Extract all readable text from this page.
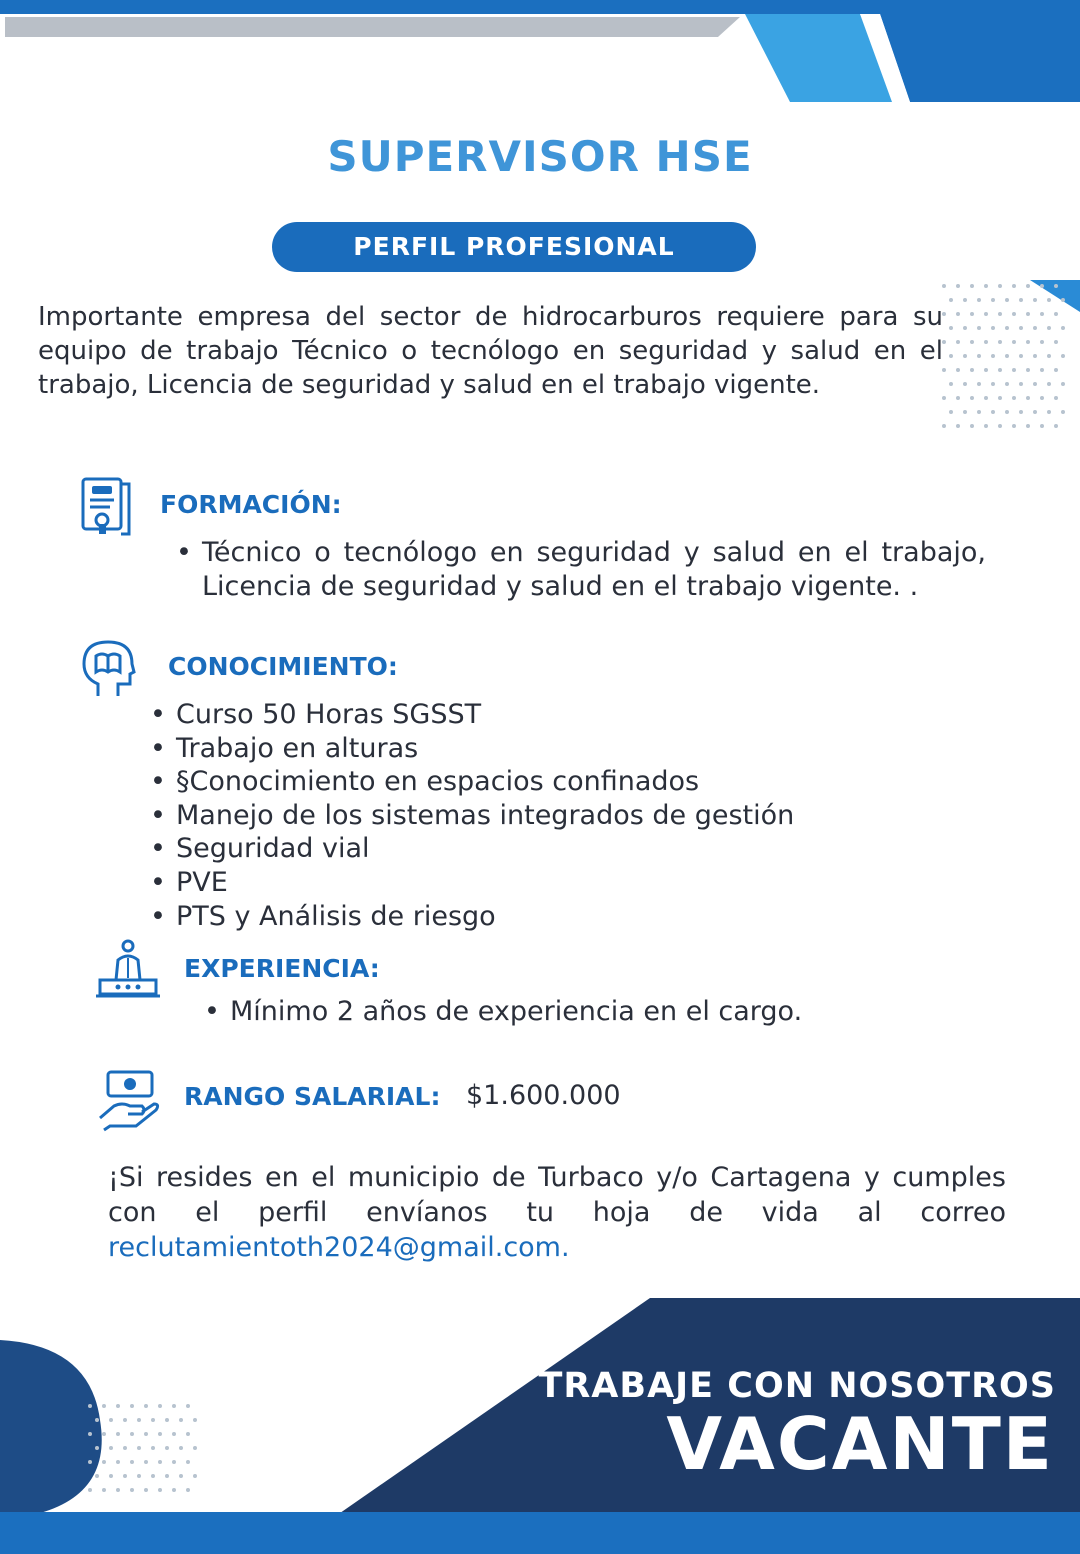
SUPERVISOR HSE
PERFIL PROFESIONAL

Importante empresa del sector de hidrocarburos requiere para su equipo de trabajo Técnico o tecnólogo en seguridad y salud en el trabajo, Licencia de seguridad y salud en el trabajo vigente.

FORMACIÓN:
• Técnico o tecnólogo en seguridad y salud en el trabajo, Licencia de seguridad y salud en el trabajo vigente. .
CONOCIMIENTO:
• Curso 50 Horas SGSST
• Trabajo en alturas
• §Conocimiento en espacios confinados
• Manejo de los sistemas integrados de gestión
• Seguridad vial
• PVE
• PTS y Análisis de riesgo
EXPERIENCIA:
• Mínimo 2 años de experiencia en el cargo.
RANGO SALARIAL: $1.600.000

¡Si resides en el municipio de Turbaco y/o Cartagena y cumples con el perfil envíanos tu hoja de vida al correo reclutamientoth2024@gmail.com.

TRABAJE CON NOSOTROS

VACANTE
